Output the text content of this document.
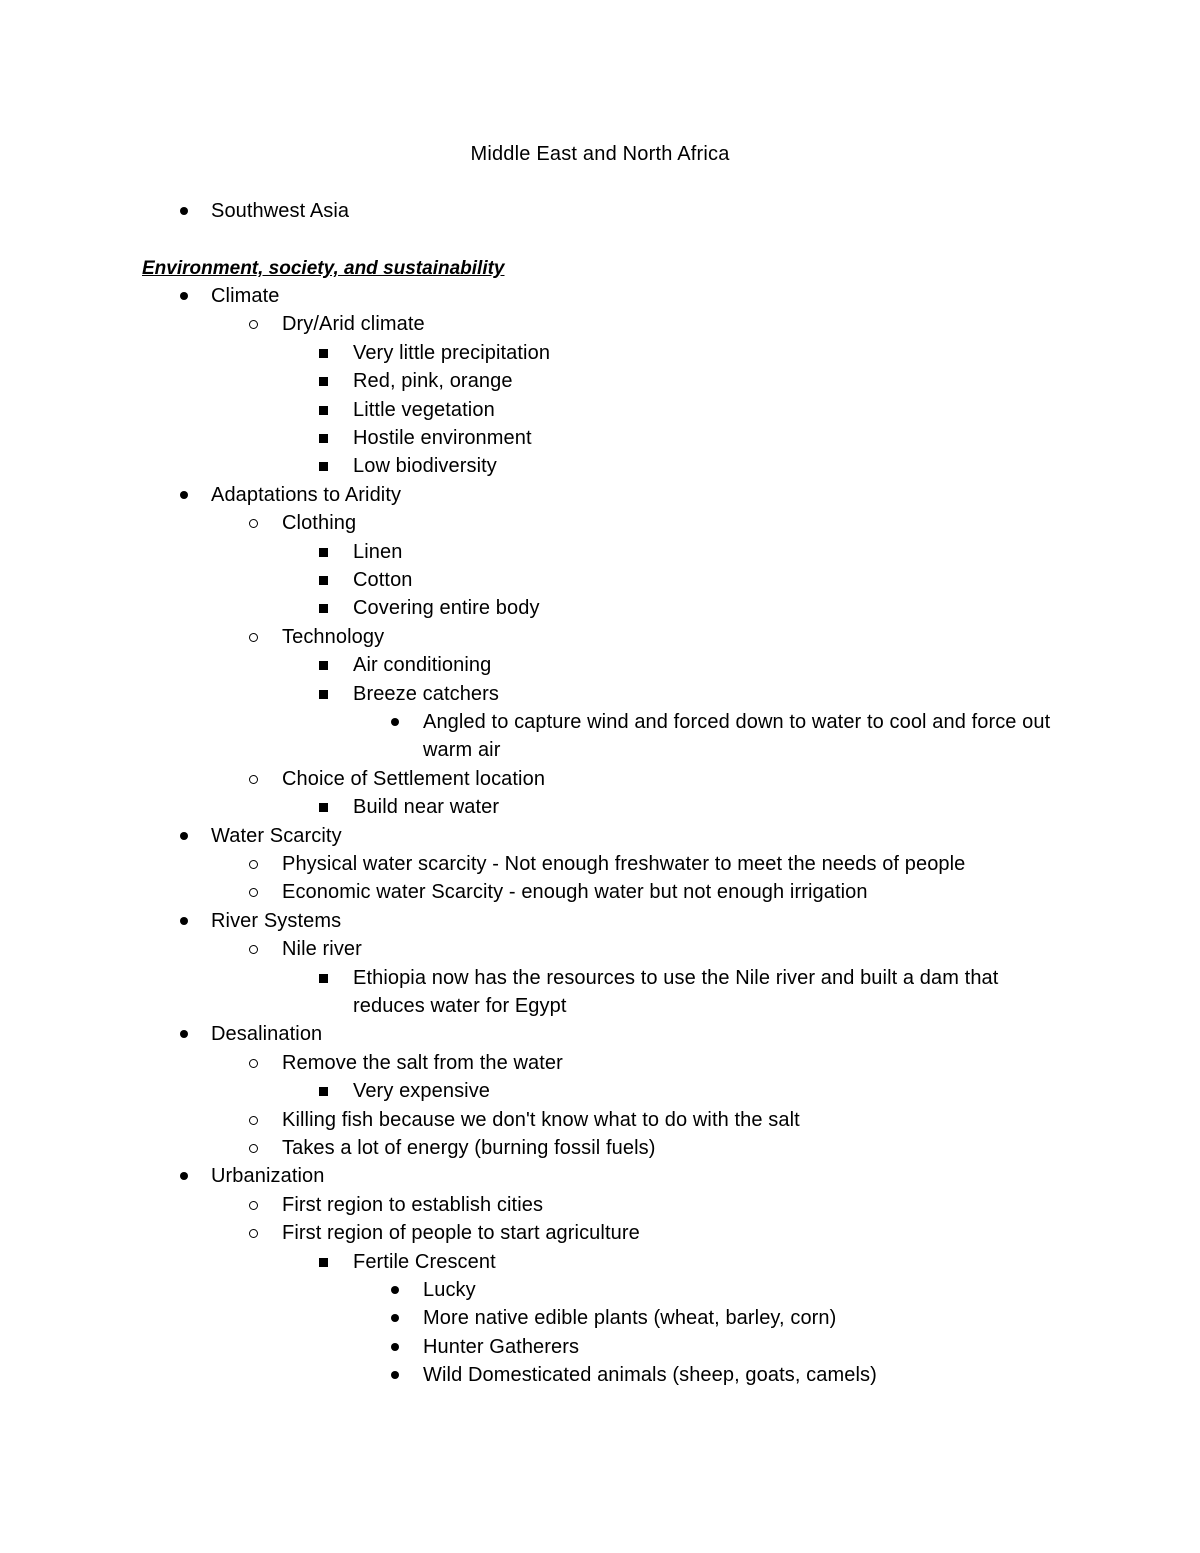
Middle East and North Africa
Southwest Asia
Environment, society, and sustainability
Climate
Dry/Arid climate
Very little precipitation
Red, pink, orange
Little vegetation
Hostile environment
Low biodiversity
Adaptations to Aridity
Clothing
Linen
Cotton
Covering entire body
Technology
Air conditioning
Breeze catchers
Angled to capture wind and forced down to water to cool and force out warm air
Choice of Settlement location
Build near water
Water Scarcity
Physical water scarcity - Not enough freshwater to meet the needs of people
Economic water Scarcity - enough water but not enough irrigation
River Systems
Nile river
Ethiopia now has the resources to use the Nile river and built a dam that reduces water for Egypt
Desalination
Remove the salt from the water
Very expensive
Killing fish because we don't know what to do with the salt
Takes a lot of energy (burning fossil fuels)
Urbanization
First region to establish cities
First region of people to start agriculture
Fertile Crescent
Lucky
More native edible plants (wheat, barley, corn)
Hunter Gatherers
Wild Domesticated animals (sheep, goats, camels)
